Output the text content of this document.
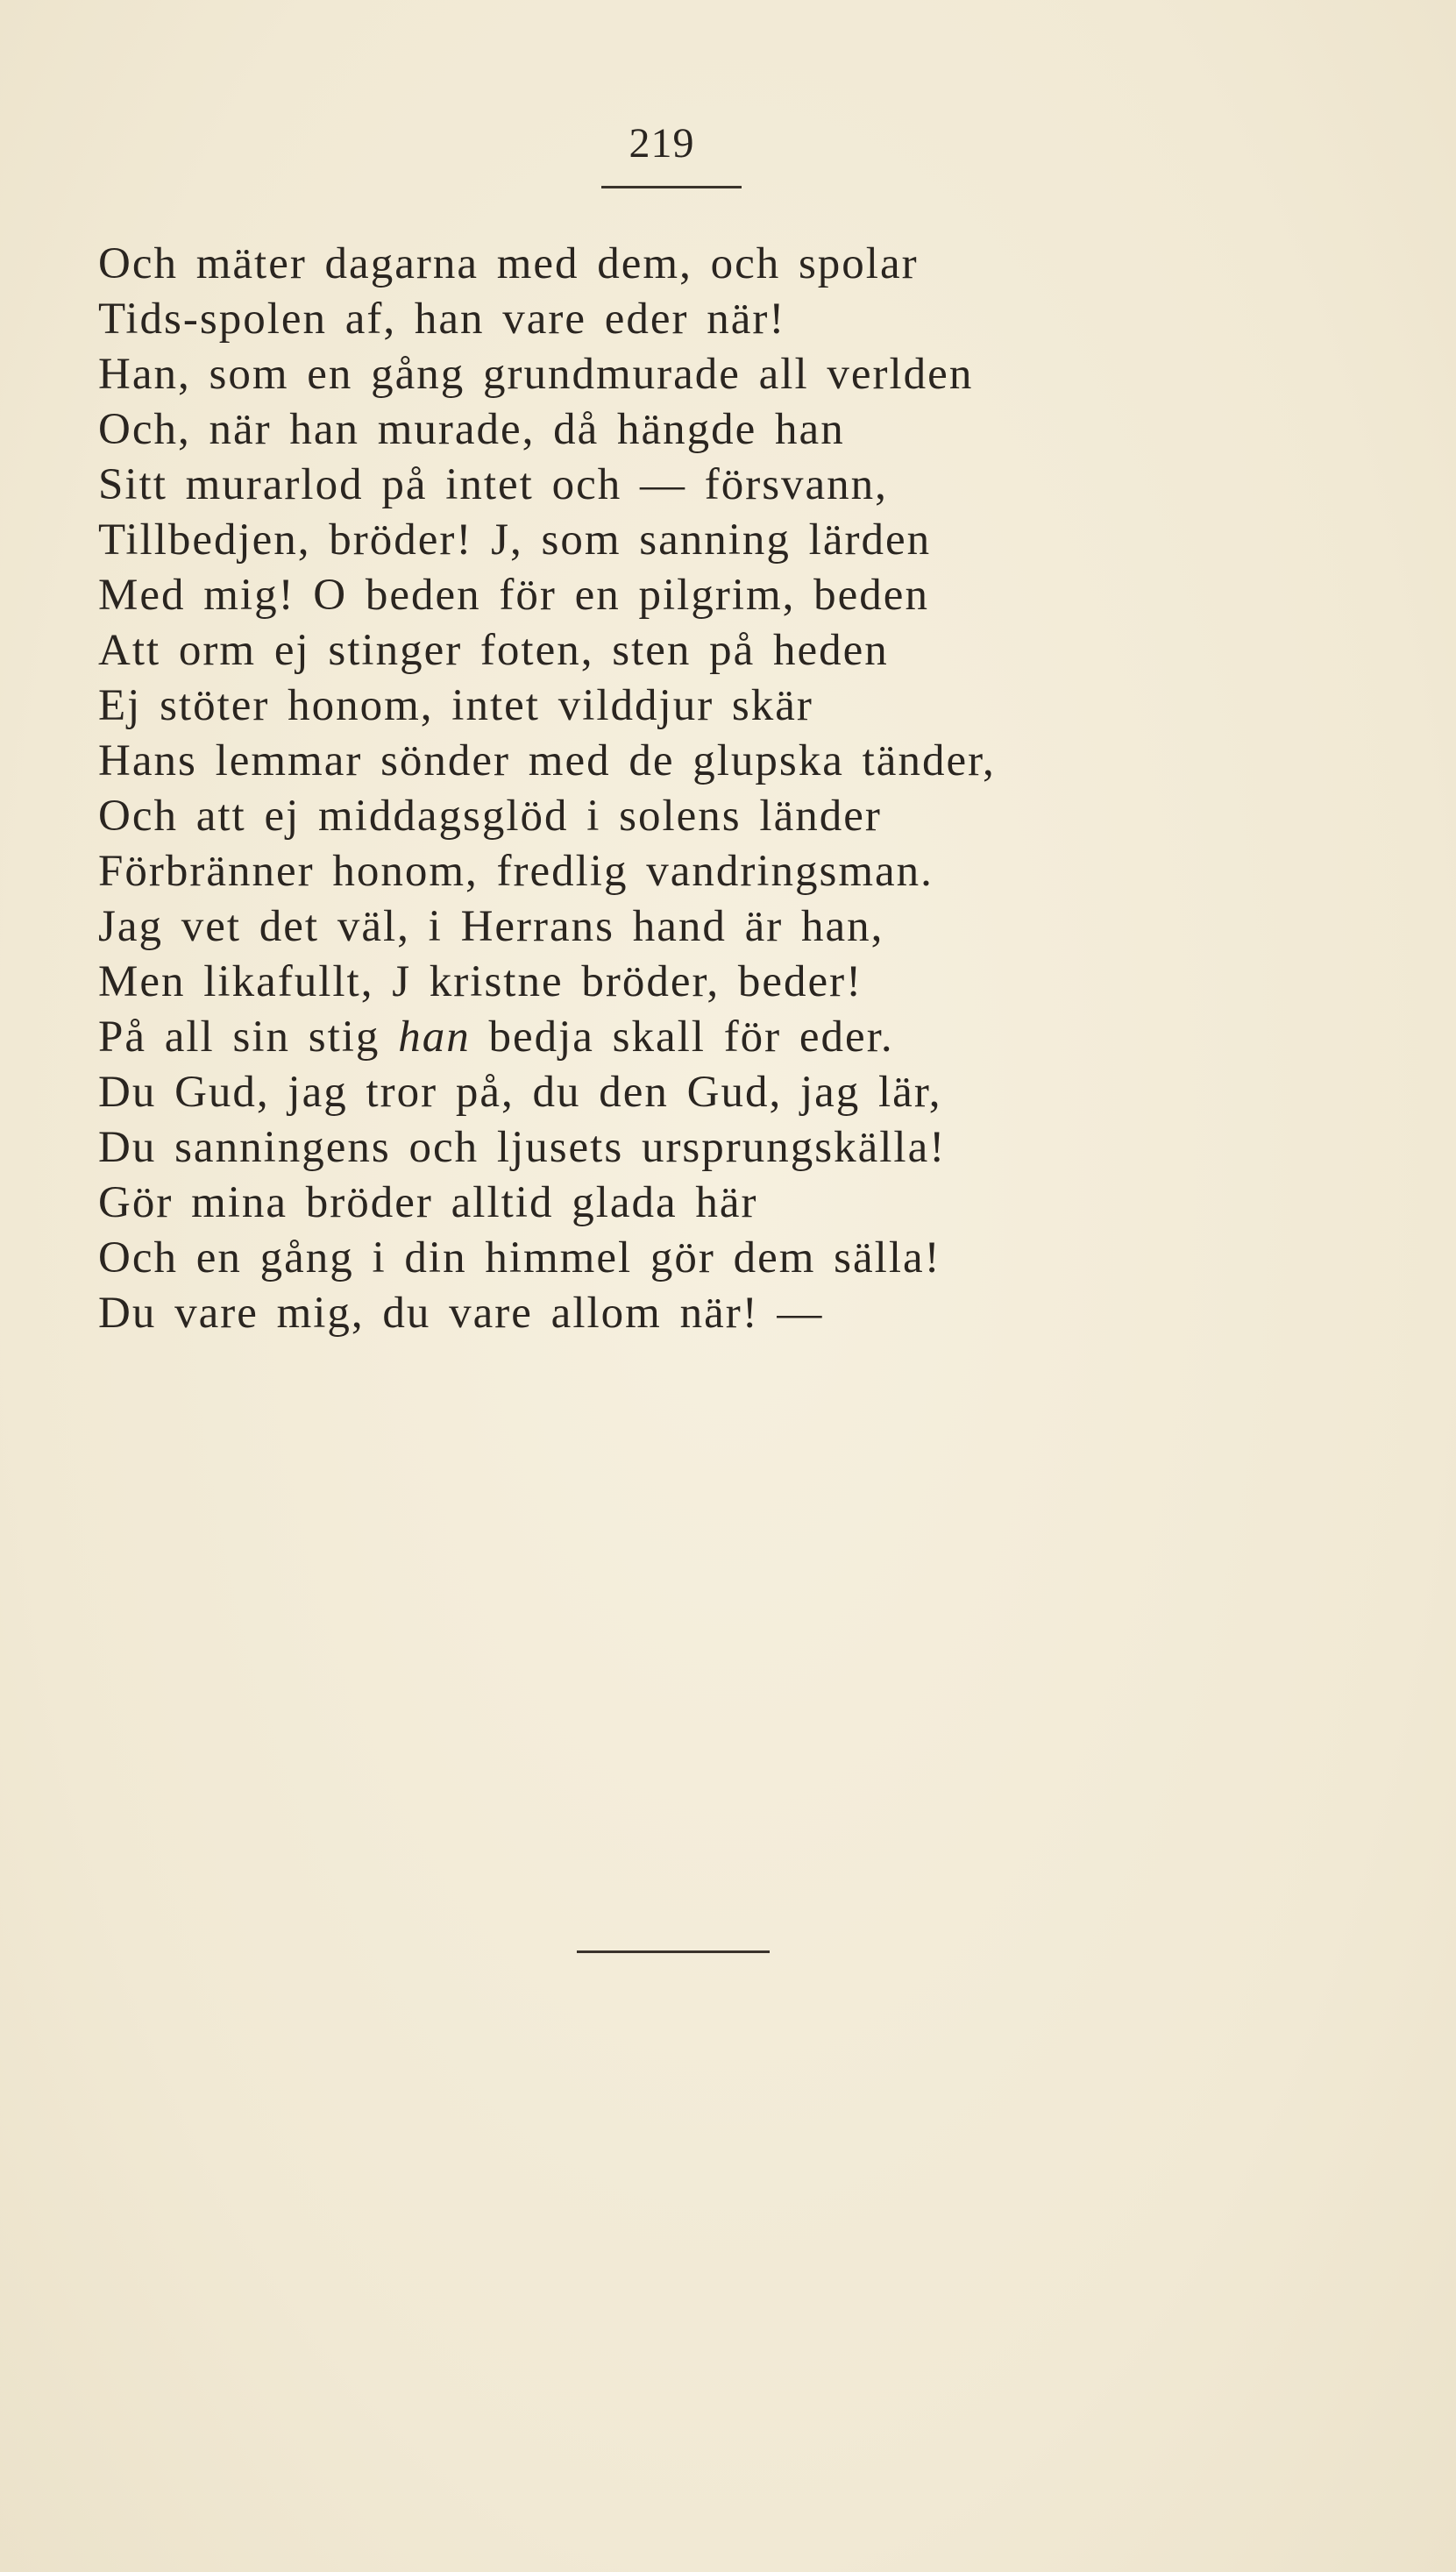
219
Och mäter dagarna med dem, och spolar
Tids-spolen af, han vare eder när!
Han, som en gång grundmurade all verlden
Och, när han murade, då hängde han
Sitt murarlod på intet och — försvann,
Tillbedjen, bröder! J, som sanning lärden
Med mig! O beden för en pilgrim, beden
Att orm ej stinger foten, sten på heden
Ej stöter honom, intet vilddjur skär
Hans lemmar sönder med de glupska tänder,
Och att ej middagsglöd i solens länder
Förbränner honom, fredlig vandringsman.
Jag vet det väl, i Herrans hand är han,
Men likafullt, J kristne bröder, beder!
På all sin stig han bedja skall för eder.
Du Gud, jag tror på, du den Gud, jag lär,
Du sanningens och ljusets ursprungskälla!
Gör mina bröder alltid glada här
Och en gång i din himmel gör dem sälla!
Du vare mig, du vare allom när! —
